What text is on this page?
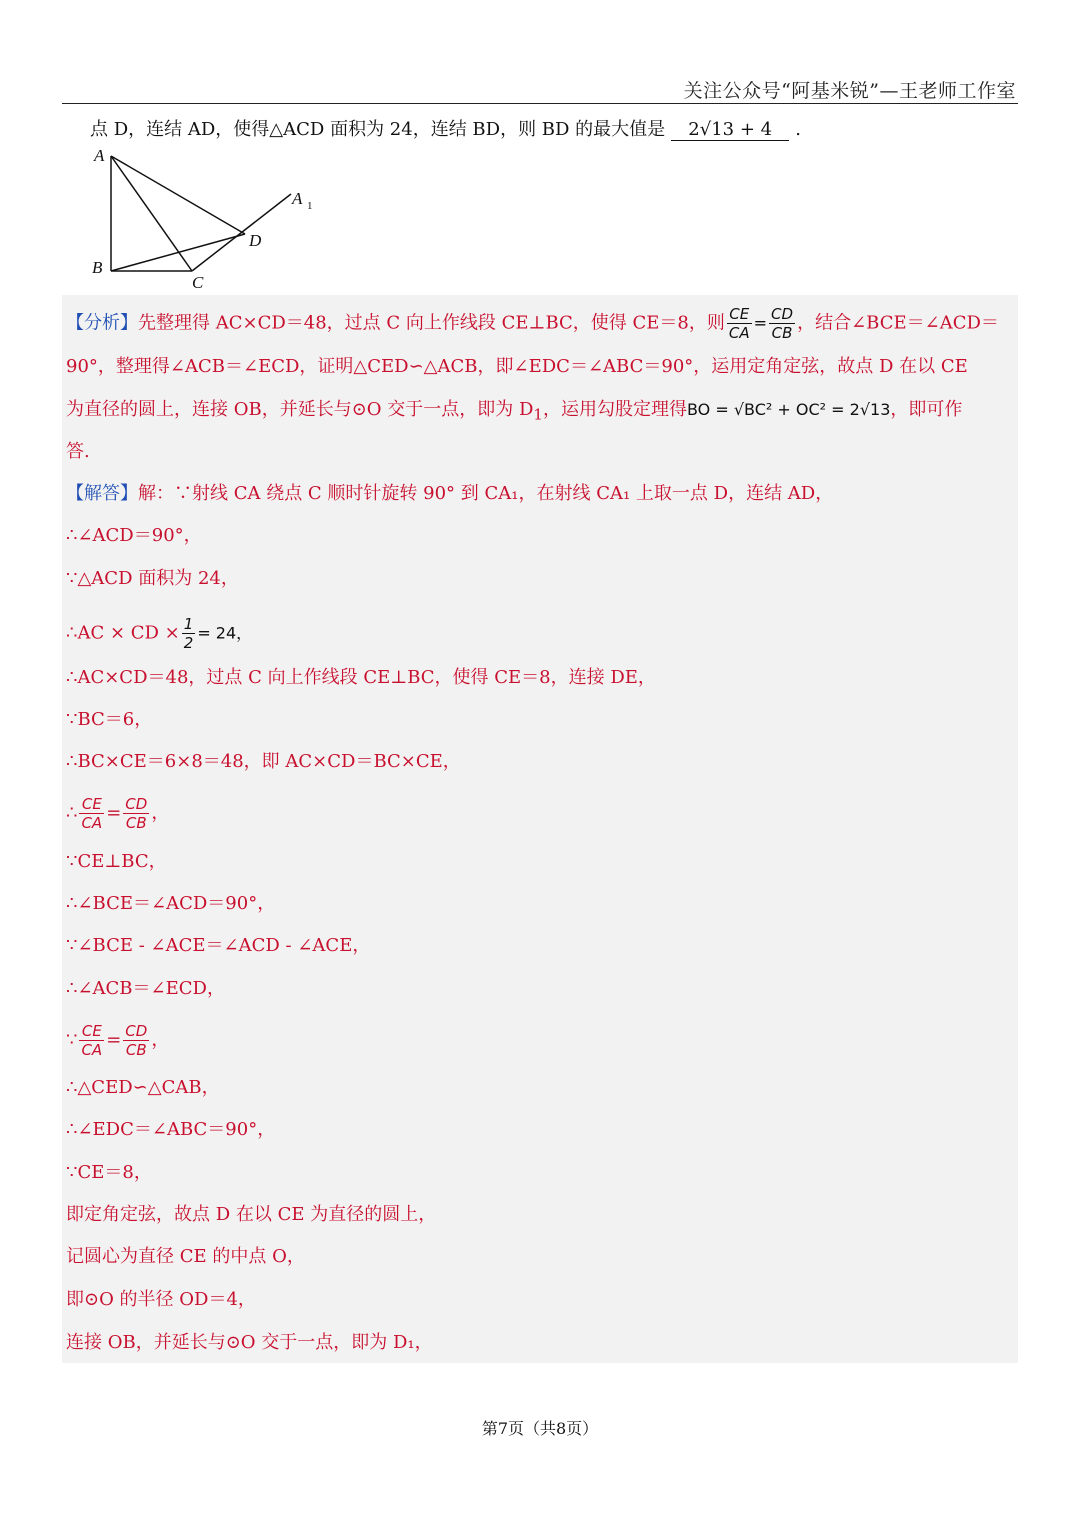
关注公众号“阿基米锐”—王老师工作室
点 D，连结 AD，使得△ACD 面积为 24，连结 BD，则 BD 的最大值是 2√13 + 4 .
A
B
C
D
A 1
【分析】先整理得 AC×CD＝48，过点 C 向上作线段 CE⊥BC，使得 CE＝8，则 $\frac{CE}{CA} = \frac{CD}{CB}$ ，结合∠BCE＝∠ACD＝
90°，整理得∠ACB＝∠ECD，证明△CED∽△ACB，即∠EDC＝∠ABC＝90°，运用定角定弦，故点 D 在以 CE
为直径的圆上，连接 OB，并延长与⊙O 交于一点，即为 $D_1$，运用勾股定理得BO = √BC² + OC² = 2√13，即可作
答.
【解答】解：∵射线 CA 绕点 C 顺时针旋转 90° 到 CA₁，在射线 CA₁ 上取一点 D，连结 AD，
∴∠ACD＝90°，
∵△ACD 面积为 24，
∴AC × CD × $\frac{1}{2} = 24$，
∴AC×CD＝48，过点 C 向上作线段 CE⊥BC，使得 CE＝8，连接 DE，
∵BC＝6，
∴BC×CE＝6×8＝48，即 AC×CD＝BC×CE，
∴ $\frac{CE}{CA} = \frac{CD}{CB}$ ，
∵CE⊥BC，
∴∠BCE＝∠ACD＝90°，
∵∠BCE - ∠ACE＝∠ACD - ∠ACE，
∴∠ACB＝∠ECD，
∵ $\frac{CE}{CA} = \frac{CD}{CB}$ ，
∴△CED∽△CAB，
∴∠EDC＝∠ABC＝90°，
∵CE＝8，
即定角定弦，故点 D 在以 CE 为直径的圆上，
记圆心为直径 CE 的中点 O，
即⊙O 的半径 OD＝4，
连接 OB，并延长与⊙O 交于一点，即为 D₁，
第7页（共8页）
